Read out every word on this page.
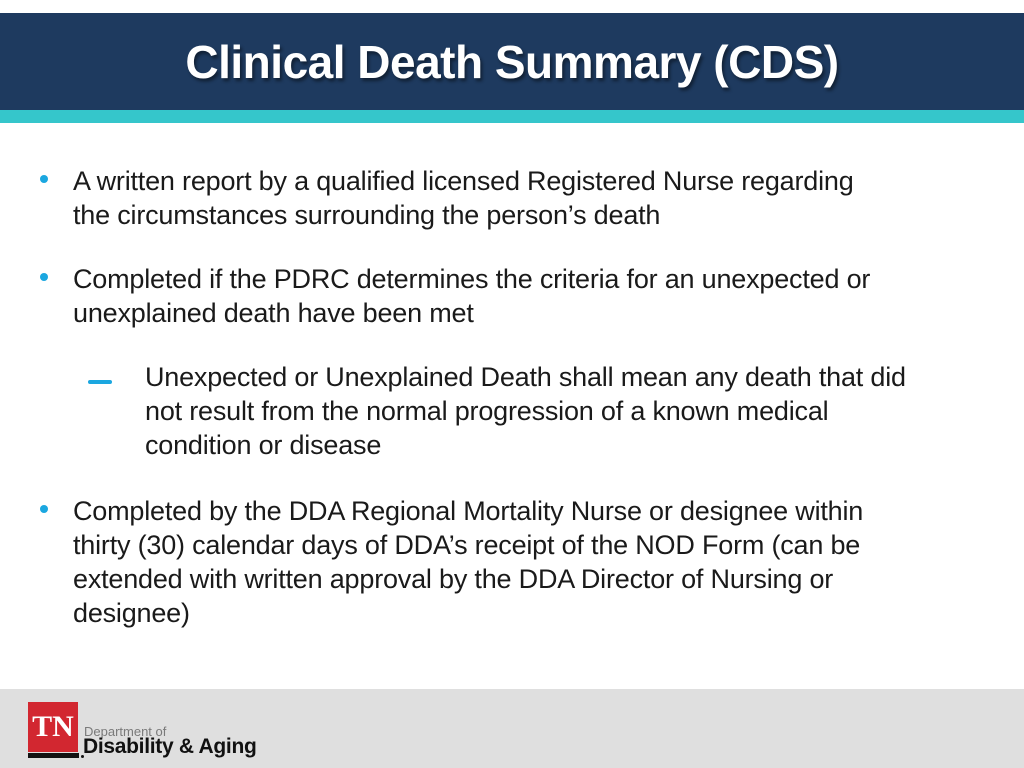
Clinical Death Summary (CDS)
A written report by a qualified licensed Registered Nurse regarding
the circumstances surrounding the person’s death
Completed if the PDRC determines the criteria for an unexpected or
unexplained death have been met
Unexpected or Unexplained Death shall mean any death that did
not result from the normal progression of a known medical
condition or disease
Completed by the DDA Regional Mortality Nurse or designee within
thirty (30) calendar days of DDA’s receipt of the NOD Form (can be
extended with written approval by the DDA Director of Nursing or
designee)
TN Department of
Disability & Aging
